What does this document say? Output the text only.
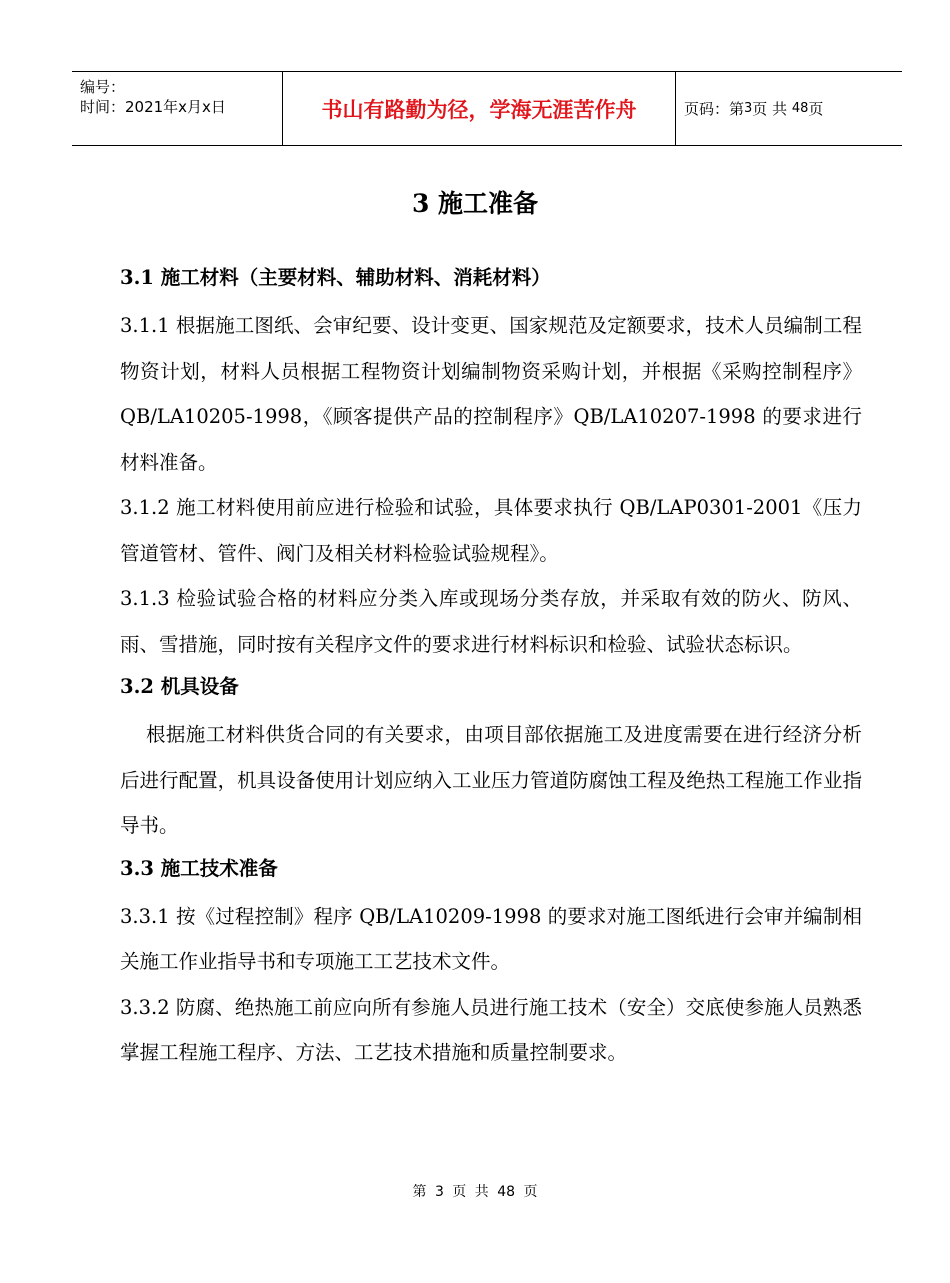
编号：
时间：2021年x月x日	书山有路勤为径，学海无涯苦作舟	页码：第 3 页 共
48 页
3 施工准备

3.1 施工材料（主要材料、辅助材料、消耗材料）

3.1.1 根据施工图纸、会审纪要、设计变更、国家规范及定额要求，技术人员编制工程物资计划，材料人员根据工程物资计划编制物资采购计划，并根据《采购控制程序》QB/LA10205-1998，《顾客提供产品的控制程序》QB/LA10207-1998 的要求进行材料准备。

3.1.2 施工材料使用前应进行检验和试验，具体要求执行 QB/LAP0301-2001《压力管道管材、管件、阀门及相关材料检验试验规程》。

3.1.3 检验试验合格的材料应分类入库或现场分类存放，并采取有效的防火、防风、雨、雪措施，同时按有关程序文件的要求进行材料标识和检验、试验状态标识。

3.2 机具设备

根据施工材料供货合同的有关要求，由项目部依据施工及进度需要在进行经济分析后进行配置，机具设备使用计划应纳入工业压力管道防腐蚀工程及绝热工程施工作业指导书。

3.3 施工技术准备

3.3.1 按《过程控制》程序 QB/LA10209-1998 的要求对施工图纸进行会审并编制相关施工作业指导书和专项施工工艺技术文件。

3.3.2 防腐、绝热施工前应向所有参施人员进行施工技术（安全）交底使参施人员熟悉掌握工程施工程序、方法、工艺技术措施和质量控制要求。

第 3 页 共 48 页
